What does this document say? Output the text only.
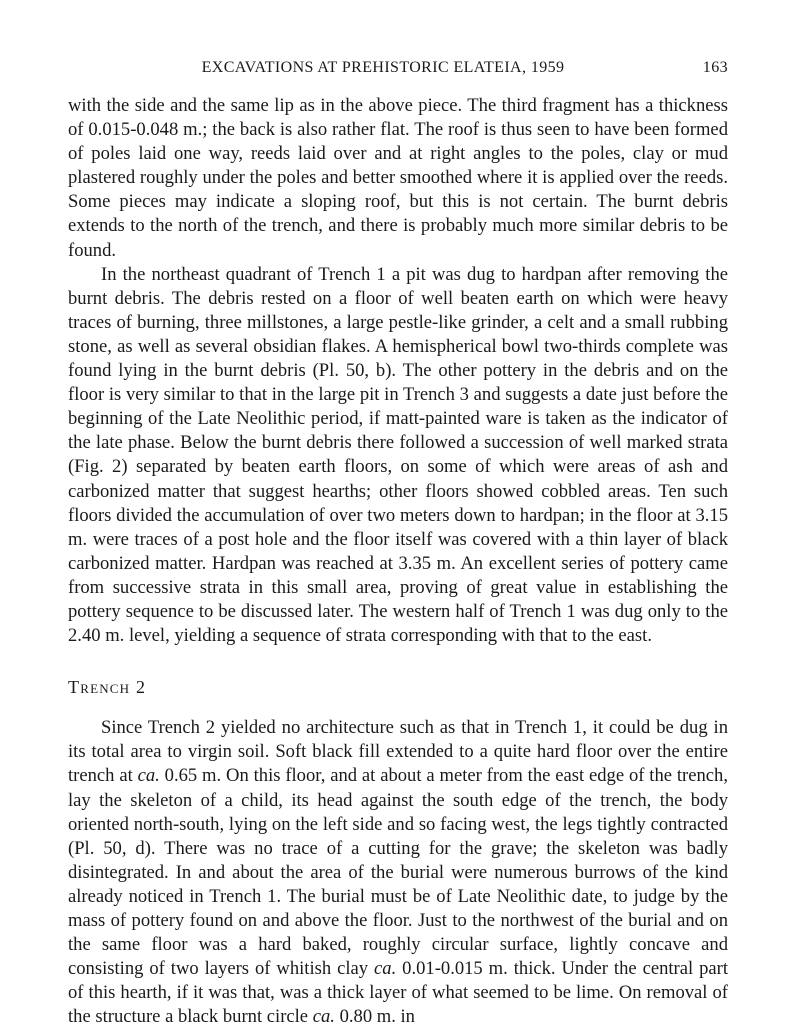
EXCAVATIONS AT PREHISTORIC ELATEIA, 1959	163

with the side and the same lip as in the above piece. The third fragment has a thickness of 0.015-0.048 m.; the back is also rather flat. The roof is thus seen to have been formed of poles laid one way, reeds laid over and at right angles to the poles, clay or mud plastered roughly under the poles and better smoothed where it is applied over the reeds. Some pieces may indicate a sloping roof, but this is not certain. The burnt debris extends to the north of the trench, and there is probably much more similar debris to be found.

In the northeast quadrant of Trench 1 a pit was dug to hardpan after removing the burnt debris. The debris rested on a floor of well beaten earth on which were heavy traces of burning, three millstones, a large pestle-like grinder, a celt and a small rubbing stone, as well as several obsidian flakes. A hemispherical bowl two-thirds complete was found lying in the burnt debris (Pl. 50, b). The other pottery in the debris and on the floor is very similar to that in the large pit in Trench 3 and suggests a date just before the beginning of the Late Neolithic period, if matt-painted ware is taken as the indicator of the late phase. Below the burnt debris there followed a succession of well marked strata (Fig. 2) separated by beaten earth floors, on some of which were areas of ash and carbonized matter that suggest hearths; other floors showed cobbled areas. Ten such floors divided the accumulation of over two meters down to hardpan; in the floor at 3.15 m. were traces of a post hole and the floor itself was covered with a thin layer of black carbonized matter. Hardpan was reached at 3.35 m. An excellent series of pottery came from successive strata in this small area, proving of great value in establishing the pottery sequence to be discussed later. The western half of Trench 1 was dug only to the 2.40 m. level, yielding a sequence of strata corresponding with that to the east.

Trench 2

Since Trench 2 yielded no architecture such as that in Trench 1, it could be dug in its total area to virgin soil. Soft black fill extended to a quite hard floor over the entire trench at ca. 0.65 m. On this floor, and at about a meter from the east edge of the trench, lay the skeleton of a child, its head against the south edge of the trench, the body oriented north-south, lying on the left side and so facing west, the legs tightly contracted (Pl. 50, d). There was no trace of a cutting for the grave; the skeleton was badly disintegrated. In and about the area of the burial were numerous burrows of the kind already noticed in Trench 1. The burial must be of Late Neolithic date, to judge by the mass of pottery found on and above the floor. Just to the northwest of the burial and on the same floor was a hard baked, roughly circular surface, lightly concave and consisting of two layers of whitish clay ca. 0.01-0.015 m. thick. Under the central part of this hearth, if it was that, was a thick layer of what seemed to be lime. On removal of the structure a black burnt circle ca. 0.80 m. in
